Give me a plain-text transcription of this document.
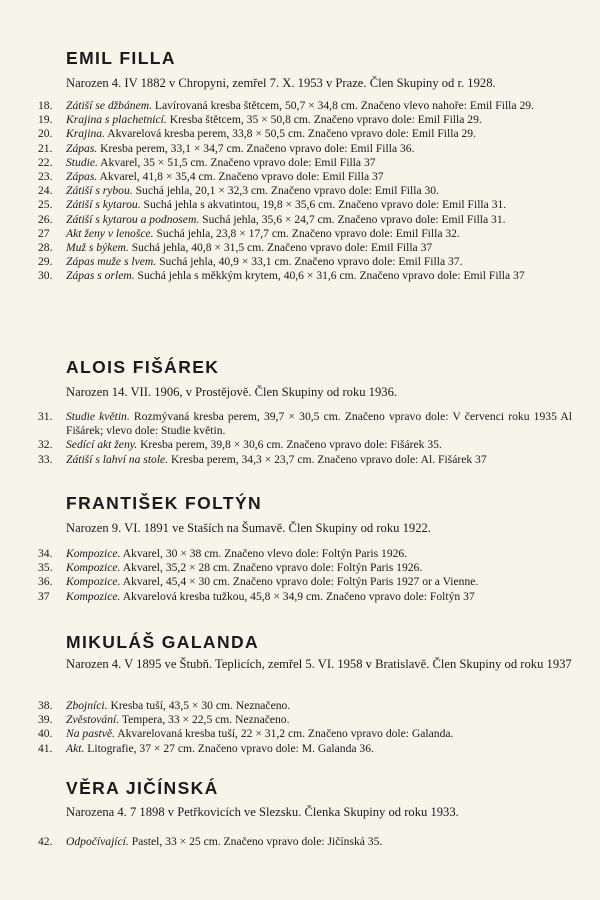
EMIL FILLA
Narozen 4. IV 1882 v Chropyni, zemřel 7. X. 1953 v Praze. Člen Skupiny od r. 1928.
18. Zátiší se džbánem. Lavírovaná kresba štětcem, 50,7 × 34,8 cm. Značeno vlevo nahoře: Emil Filla 29.
19. Krajina s plachetnicí. Kresba štětcem, 35 × 50,8 cm. Značeno vpravo dole: Emil Filla 29.
20. Krajina. Akvarelová kresba perem, 33,8 × 50,5 cm. Značeno vpravo dole: Emil Filla 29.
21. Zápas. Kresba perem, 33,1 × 34,7 cm. Značeno vpravo dole: Emil Filla 36.
22. Studie. Akvarel, 35 × 51,5 cm. Značeno vpravo dole: Emil Filla 37
23. Zápas. Akvarel, 41,8 × 35,4 cm. Značeno vpravo dole: Emil Filla 37
24. Zátiší s rybou. Suchá jehla, 20,1 × 32,3 cm. Značeno vpravo dole: Emil Filla 30.
25. Zátiší s kytarou. Suchá jehla s akvatintou, 19,8 × 35,6 cm. Značeno vpravo dole: Emil Filla 31.
26. Zátiší s kytarou a podnosem. Suchá jehla, 35,6 × 24,7 cm. Značeno vpravo dole: Emil Filla 31.
27 Akt ženy v lenošce. Suchá jehla, 23,8 × 17,7 cm. Značeno vpravo dole: Emil Filla 32.
28. Muž s býkem. Suchá jehla, 40,8 × 31,5 cm. Značeno vpravo dole: Emil Filla 37
29. Zápas muže s lvem. Suchá jehla, 40,9 × 33,1 cm. Značeno vpravo dole: Emil Filla 37.
30. Zápas s orlem. Suchá jehla s měkkým krytem, 40,6 × 31,6 cm. Značeno vpravo dole: Emil Filla 37
ALOIS FIŠÁREK
Narozen 14. VII. 1906, v Prostějově. Člen Skupiny od roku 1936.
31. Studie květin. Rozmývaná kresba perem, 39,7 × 30,5 cm. Značeno vpravo dole: V červenci roku 1935 Al Fišárek; vlevo dole: Studie květin.
32. Sedící akt ženy. Kresba perem, 39,8 × 30,6 cm. Značeno vpravo dole: Fišárek 35.
33. Zátiší s lahví na stole. Kresba perem, 34,3 × 23,7 cm. Značeno vpravo dole: Al. Fišárek 37
FRANTIŠEK FOLTÝN
Narozen 9. VI. 1891 ve Staších na Šumavě. Člen Skupiny od roku 1922.
34. Kompozice. Akvarel, 30 × 38 cm. Značeno vlevo dole: Foltýn Paris 1926.
35. Kompozice. Akvarel, 35,2 × 28 cm. Značeno vpravo dole: Foltýn Paris 1926.
36. Kompozice. Akvarel, 45,4 × 30 cm. Značeno vpravo dole: Foltýn Paris 1927 or a Vienne.
37 Kompozice. Akvarelová kresba tužkou, 45,8 × 34,9 cm. Značeno vpravo dole: Foltýn 37
MIKULÁŠ GALANDA
Narozen 4. V 1895 ve Štubň. Teplicích, zemřel 5. VI. 1958 v Bratislavě. Člen Skupiny od roku 1937
38. Zbojníci. Kresba tuší, 43,5 × 30 cm. Neznačeno.
39. Zvěstování. Tempera, 33 × 22,5 cm. Neznačeno.
40. Na pastvě. Akvarelovaná kresba tuší, 22 × 31,2 cm. Značeno vpravo dole: Galanda.
41. Akt. Litografie, 37 × 27 cm. Značeno vpravo dole: M. Galanda 36.
VĚRA JIČÍNSKÁ
Narozena 4. 7 1898 v Petřkovicích ve Slezsku. Členka Skupiny od roku 1933.
42. Odpočívající. Pastel, 33 × 25 cm. Značeno vpravo dole: Jičínská 35.
